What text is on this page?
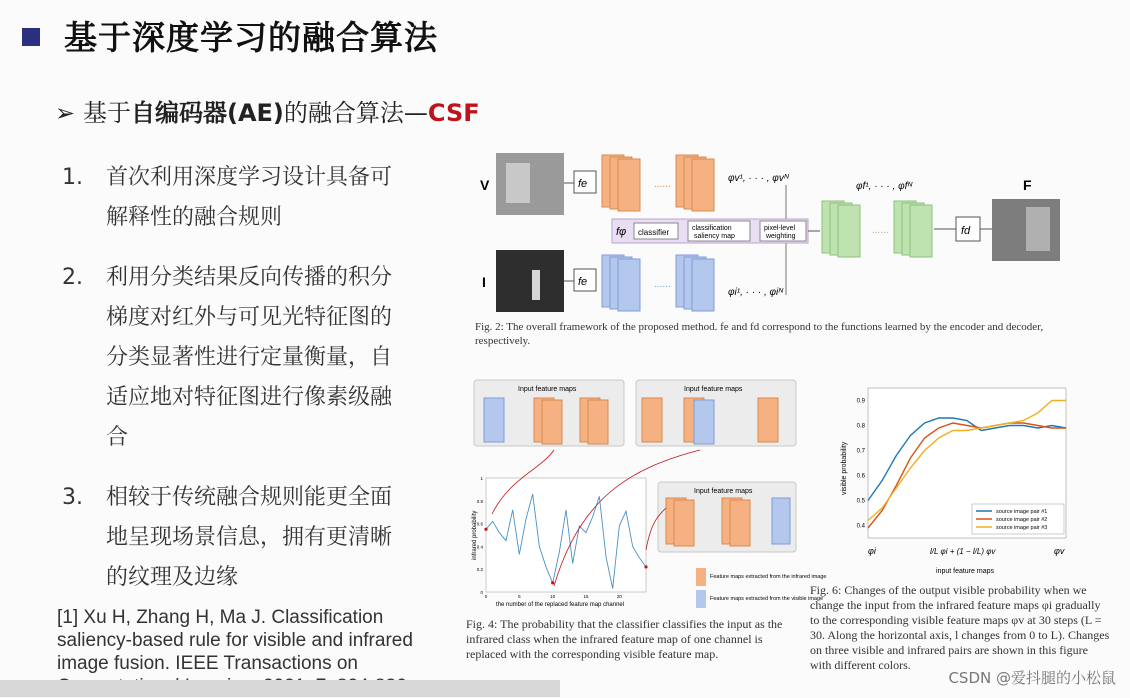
基于深度学习的融合算法
➢ 基于自编码器(AE)的融合算法—CSF
1.	首次利用深度学习设计具备可解释性的融合规则
2.	利用分类结果反向传播的积分梯度对红外与可见光特征图的分类显著性进行定量衡量，自适应地对特征图进行像素级融合
3.	相较于传统融合规则能更全面地呈现场景信息，拥有更清晰的纹理及边缘
[1] Xu H, Zhang H, Ma J. Classification saliency-based rule for visible and infrared image fusion. IEEE Transactions on
V	fe	......
φv¹, · · · , φvᴺ
fφ classifier	classification
saliency map
pixel-level
weighting
φf¹, · · · , φfᴺ
......	fd
F
I	fe	......
φi¹, · · · , φiᴺ
Fig. 2: The overall framework of the proposed method. fe and fd correspond to the functions learned by the encoder and decoder, respectively.
Input feature maps	Input feature maps
Input feature maps
Feature maps extracted from the infrared image
Feature maps extracted from the visible image
0
0.2
0.4
0.6
0.8
1
0	5	10	15	20
infrared probability
the number of the replaced feature map channel
Fig. 4: The probability that the classifier classifies the input as the infrared class when the infrared feature map of one channel is replaced with the corresponding visible feature map.
0.4
0.5
0.6
0.7
0.8
0.9
visible probability
φi	l/L φi + (1 − l/L) φv	φv
input feature maps
source image pair #1
source image pair #2
source image pair #3
Fig. 6: Changes of the output visible probability when we change the input from the infrared feature maps φi gradually to the corresponding visible feature maps φv at 30 steps (L = 30. Along the horizontal axis, l changes from 0 to L). Changes on three visible and infrared pairs are shown in this figure with different colors.
CSDN @爱抖腿的小松鼠
